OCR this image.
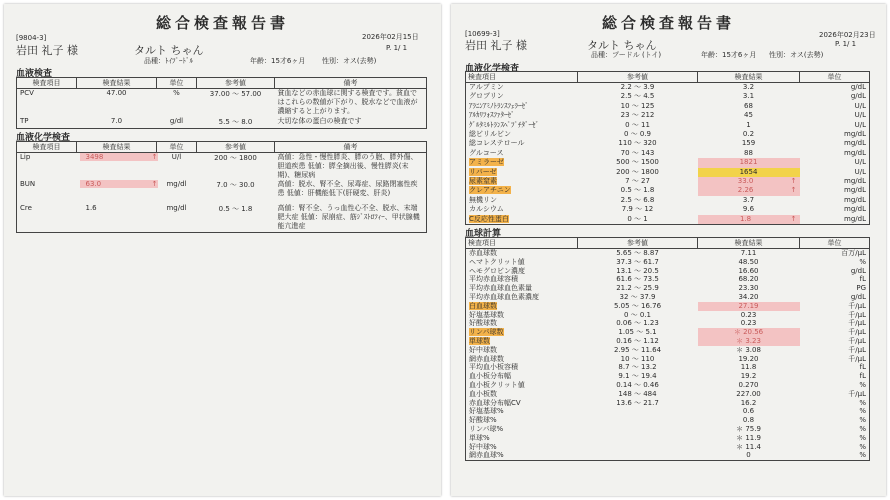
総合検査報告書
[9804-3]	2026年02月15日
岩田 礼子 様	タルト ちゃん	P. 1/ 1
品種：ﾄｲﾌﾟｰﾄﾞﾙ	年齢：15才6ヶ月 性別：オス(去勢)
血液検査
検査項目	検査結果	単位	参考値	備考
PCV	47.00	%	37.00 ～ 57.00	貧血などの赤血球に関する検査です。貧血ではこれらの数値が下がり、脱水などで血液が濃縮すると上がります。
TP	7.0	g/dl	5.5 ～ 8.0	大切な体の蛋白の検査です
血液化学検査
検査項目	検査結果	単位	参考値	備考
Lip	3498 ↑	U/l	200 ～ 1800	高値：急性・慢性膵炎、膵のう胞、膵外傷、胆道疾患 低値：膵全摘出後、慢性膵炎(末期)、糖尿病
BUN	63.0 ↑	mg/dl	7.0 ～ 30.0	高値：脱水、腎不全、尿毒症、尿路閉塞性疾患 低値：肝機能低下(肝硬変、肝炎)
Cre	1.6	mg/dl	0.5 ～ 1.8	高値：腎不全、うっ血性心不全、脱水、末端肥大症 低値：尿崩症、筋ｼﾞｽﾄﾛﾌｨｰ、甲状腺機能亢進症
総合検査報告書
[10699-3]	2026年02月23日
岩田 礼子 様	タルト ちゃん	P. 1/ 1
品種：プードル (トイ)	年齢：15才6ヶ月 性別：オス(去勢)
血液化学検査
検査項目	参考値	検査結果	単位
アルブミン	2.2 ～ 3.9	3.2	g/dL
グロブリン	2.5 ～ 4.5	3.1	g/dL
ｱﾗﾆﾝｱﾐﾉﾄﾗﾝｽﾌｪﾗｰｾﾞ	10 ～ 125	68	U/L
ｱﾙｶﾘﾌｫｽﾌｧﾀｰｾﾞ	23 ～ 212	45	U/L
ｸﾞﾙﾀﾐﾙﾄﾗﾝｽﾍﾟﾌﾟﾁﾀﾞｰｾﾞ	0 ～ 11	1	U/L
総ビリルビン	0 ～ 0.9	0.2	mg/dL
総コレステロール	110 ～ 320	159	mg/dL
グルコース	70 ～ 143	88	mg/dL
アミラーゼ	500 ～ 1500	1821	U/L
リパーゼ	200 ～ 1800	1654	U/L
尿素窒素	7 ～ 27	33.0 ↑	mg/dL
クレアチニン	0.5 ～ 1.8	2.26 ↑	mg/dL
無機リン	2.5 ～ 6.8	3.7	mg/dL
カルシウム	7.9 ～ 12	9.6	mg/dL
C反応性蛋白	0 ～ 1	1.8 ↑	mg/dL
血球計算
検査項目	参考値	検査結果	単位
赤血球数	5.65 ～ 8.87	7.11	百万/μL
ヘマトクリット値	37.3 ～ 61.7	48.50	%
ヘモグロビン濃度	13.1 ～ 20.5	16.60	g/dL
平均赤血球容積	61.6 ～ 73.5	68.20	fL
平均赤血球血色素量	21.2 ～ 25.9	23.30	PG
平均赤血球血色素濃度	32 ～ 37.9	34.20	g/dL
白血球数	5.05 ～ 16.76	27.19	千/μL
好塩基球数	0 ～ 0.1	0.23	千/μL
好酸球数	0.06 ～ 1.23	0.23	千/μL
リンパ球数	1.05 ～ 5.1	＊ 20.56	千/μL
単球数	0.16 ～ 1.12	＊ 3.23	千/μL
好中球数	2.95 ～ 11.64	＊ 3.08	千/μL
網赤血球数	10 ～ 110	19.20	千/μL
平均血小板容積	8.7 ～ 13.2	11.8	fL
血小板分布幅	9.1 ～ 19.4	19.2	fL
血小板クリット値	0.14 ～ 0.46	0.270	%
血小板数	148 ～ 484	227.00	千/μL
赤血球分布幅CV	13.6 ～ 21.7	16.2	%
好塩基球%		0.6	%
好酸球%		0.8	%
リンパ球%		＊ 75.9	%
単球%		＊ 11.9	%
好中球%		＊ 11.4	%
網赤血球%		0	%
